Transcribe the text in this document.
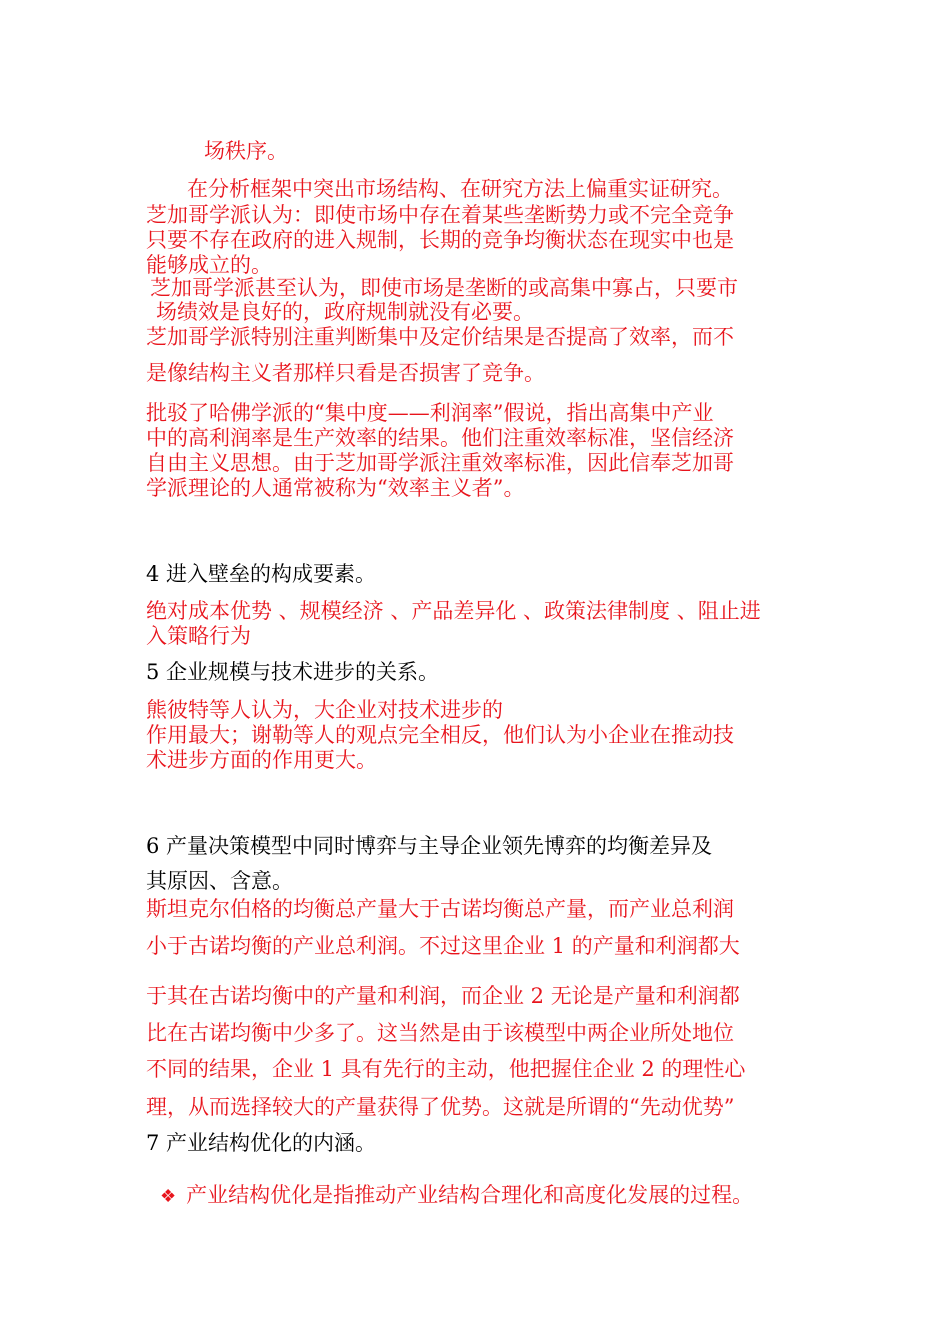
场秩序。

在分析框架中突出市场结构、在研究方法上偏重实证研究。

芝加哥学派认为：即使市场中存在着某些垄断势力或不完全竞争

只要不存在政府的进入规制，长期的竞争均衡状态在现实中也是

能够成立的。

芝加哥学派甚至认为，即使市场是垄断的或高集中寡占，只要市

场绩效是良好的，政府规制就没有必要。

芝加哥学派特别注重判断集中及定价结果是否提高了效率，而不

是像结构主义者那样只看是否损害了竞争。

批驳了哈佛学派的“集中度——利润率”假说，指出高集中产业

中的高利润率是生产效率的结果。他们注重效率标准，坚信经济

自由主义思想。由于芝加哥学派注重效率标准，因此信奉芝加哥

学派理论的人通常被称为“效率主义者”。

4 进入壁垒的构成要素。

绝对成本优势 、规模经济 、产品差异化 、政策法律制度 、阻止进

入策略行为

5 企业规模与技术进步的关系。

熊彼特等人认为，大企业对技术进步的

作用最大；谢勒等人的观点完全相反，他们认为小企业在推动技

术进步方面的作用更大。

6 产量决策模型中同时博弈与主导企业领先博弈的均衡差异及

其原因、含意。

斯坦克尔伯格的均衡总产量大于古诺均衡总产量，而产业总利润

小于古诺均衡的产业总利润。不过这里企业 1 的产量和利润都大

于其在古诺均衡中的产量和利润，而企业 2 无论是产量和利润都

比在古诺均衡中少多了。这当然是由于该模型中两企业所处地位

不同的结果，企业 1 具有先行的主动，他把握住企业 2 的理性心

理，从而选择较大的产量获得了优势。这就是所谓的“先动优势”

7 产业结构优化的内涵。

❖ 产业结构优化是指推动产业结构合理化和高度化发展的过程。
